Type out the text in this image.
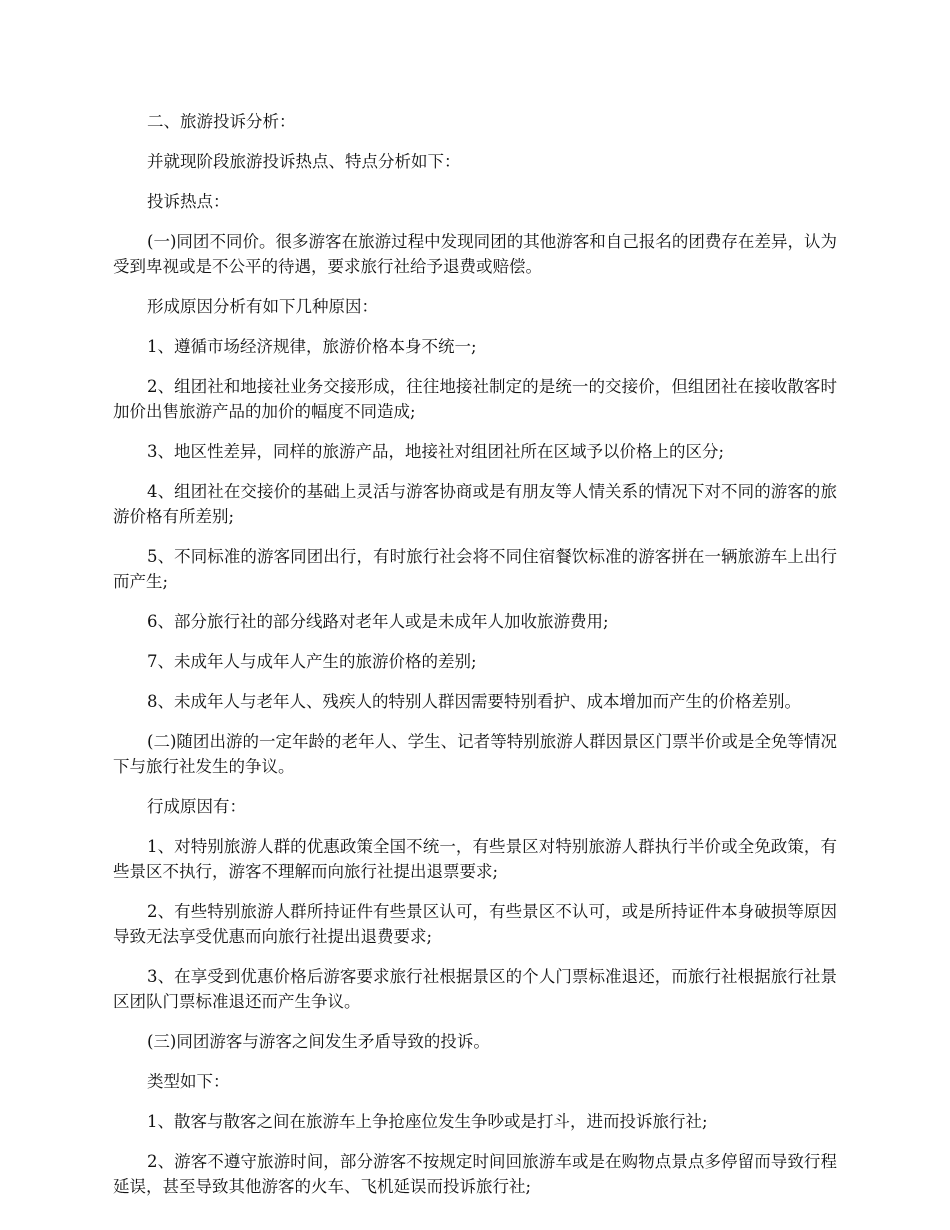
二、旅游投诉分析：

并就现阶段旅游投诉热点、特点分析如下：

投诉热点：

(一)同团不同价。很多游客在旅游过程中发现同团的其他游客和自己报名的团费存在差异，认为受到卑视或是不公平的待遇，要求旅行社给予退费或赔偿。

形成原因分析有如下几种原因：

1、遵循市场经济规律，旅游价格本身不统一;

2、组团社和地接社业务交接形成，往往地接社制定的是统一的交接价，但组团社在接收散客时加价出售旅游产品的加价的幅度不同造成;

3、地区性差异，同样的旅游产品，地接社对组团社所在区域予以价格上的区分;

4、组团社在交接价的基础上灵活与游客协商或是有朋友等人情关系的情况下对不同的游客的旅游价格有所差别;

5、不同标准的游客同团出行，有时旅行社会将不同住宿餐饮标准的游客拼在一辆旅游车上出行而产生;

6、部分旅行社的部分线路对老年人或是未成年人加收旅游费用;

7、未成年人与成年人产生的旅游价格的差别;

8、未成年人与老年人、残疾人的特别人群因需要特别看护、成本增加而产生的价格差别。

(二)随团出游的一定年龄的老年人、学生、记者等特别旅游人群因景区门票半价或是全免等情况下与旅行社发生的争议。

行成原因有：

1、对特别旅游人群的优惠政策全国不统一，有些景区对特别旅游人群执行半价或全免政策，有些景区不执行，游客不理解而向旅行社提出退票要求;

2、有些特别旅游人群所持证件有些景区认可，有些景区不认可，或是所持证件本身破损等原因导致无法享受优惠而向旅行社提出退费要求;

3、在享受到优惠价格后游客要求旅行社根据景区的个人门票标准退还，而旅行社根据旅行社景区团队门票标准退还而产生争议。

(三)同团游客与游客之间发生矛盾导致的投诉。

类型如下：

1、散客与散客之间在旅游车上争抢座位发生争吵或是打斗，进而投诉旅行社;

2、游客不遵守旅游时间，部分游客不按规定时间回旅游车或是在购物点景点多停留而导致行程延误，甚至导致其他游客的火车、飞机延误而投诉旅行社;
